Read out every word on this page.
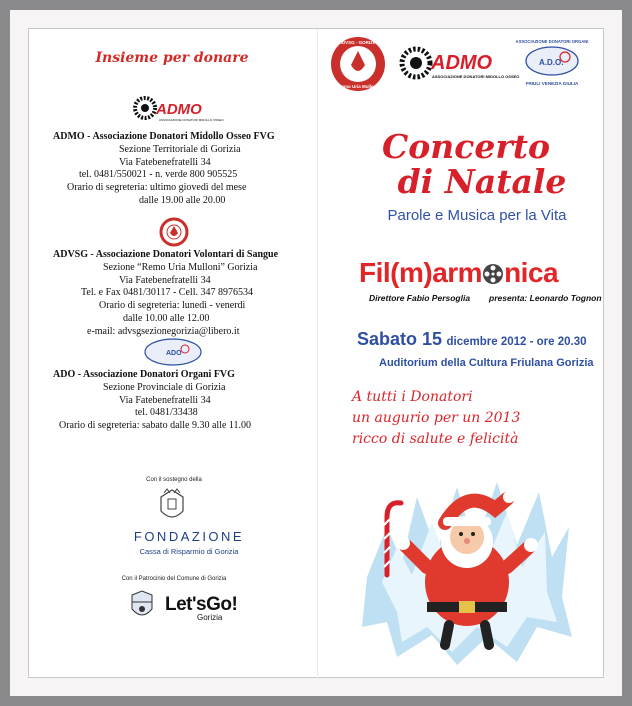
Insieme per donare
ADMO
ASSOCIAZIONE DONATORI MIDOLLO OSSEO
ADMO - Associazione Donatori Midollo Osseo FVG
Sezione Territoriale di Gorizia
Via Fatebenefratelli 34
tel. 0481/550021 - n. verde 800 905525
Orario di segreteria: ultimo giovedì del mese
dalle 19.00 alle 20.00
ADVSG - Associazione Donatori Volontari di Sangue
Sezione “Remo Uria Mulloni” Gorizia
Via Fatebenefratelli 34
Tel. e Fax 0481/30117 - Cell. 347 8976534
Orario di segreteria: lunedì - venerdì
dalle 10.00 alle 12.00
e-mail: advsgsezionegorizia@libero.it
ADO
ADO - Associazione Donatori Organi FVG
Sezione Provinciale di Gorizia
Via Fatebenefratelli 34
tel. 0481/33438
Orario di segreteria: sabato dalle 9.30 alle 11.00
Con il sostegno della
FONDAZIONE
Cassa di Risparmio di Gorizia
Con il Patrocinio del Comune di Gorizia
Let'sGo!
Gorizia
ADVSG · GORIZIA
Remo Uria Mulloni
ADMO
ASSOCIAZIONE DONATORI MIDOLLO OSSEO
ASSOCIAZIONE DONATORI ORGANI
A.D.O.
FRIULI VENEZIA GIULIA
Concerto
di Natale
Parole e Musica per la Vita
Fil(m)arm nica
Direttore Fabio Persoglia presenta: Leonardo Tognon
Sabato 15 dicembre 2012 - ore 20.30
Auditorium della Cultura Friulana Gorizia
A tutti i Donatori
un augurio per un 2013
ricco di salute e felicità
